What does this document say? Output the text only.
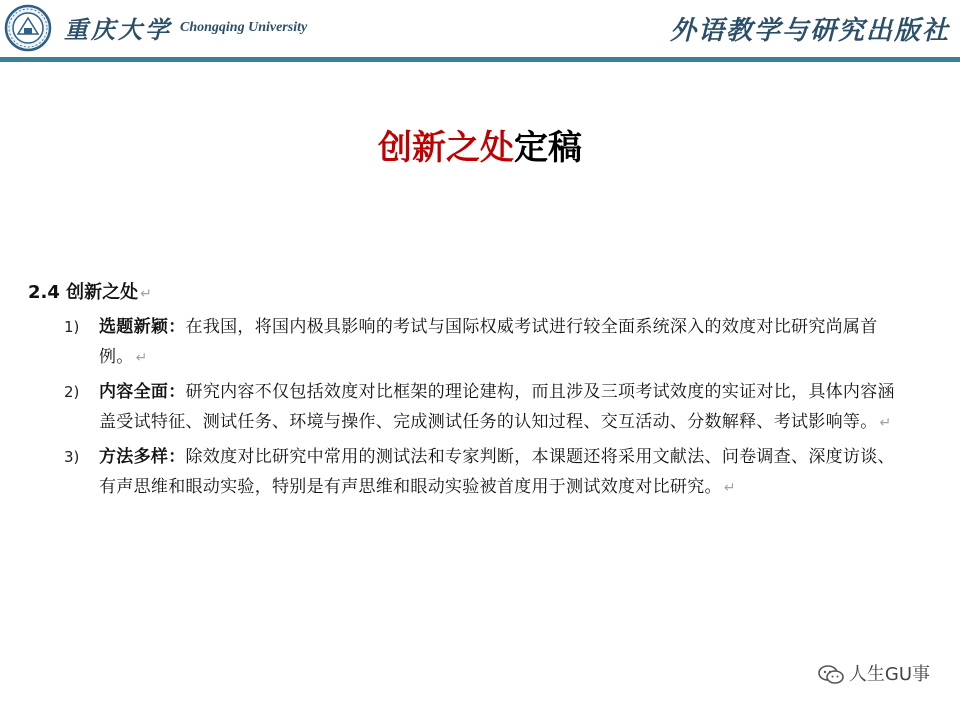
重庆大学 Chongqing University	外语教学与研究出版社
创新之处定稿
2.4 创新之处 ↵
1) 选题新颖：在我国，将国内极具影响的考试与国际权威考试进行较全面系统深入的效度对比研究尚属首例。 ↵
2) 内容全面：研究内容不仅包括效度对比框架的理论建构，而且涉及三项考试效度的实证对比，具体内容涵盖受试特征、测试任务、环境与操作、完成测试任务的认知过程、交互活动、分数解释、考试影响等。 ↵
3) 方法多样：除效度对比研究中常用的测试法和专家判断，本课题还将采用文献法、问卷调查、深度访谈、有声思维和眼动实验，特别是有声思维和眼动实验被首度用于测试效度对比研究。 ↵
人生GU事
